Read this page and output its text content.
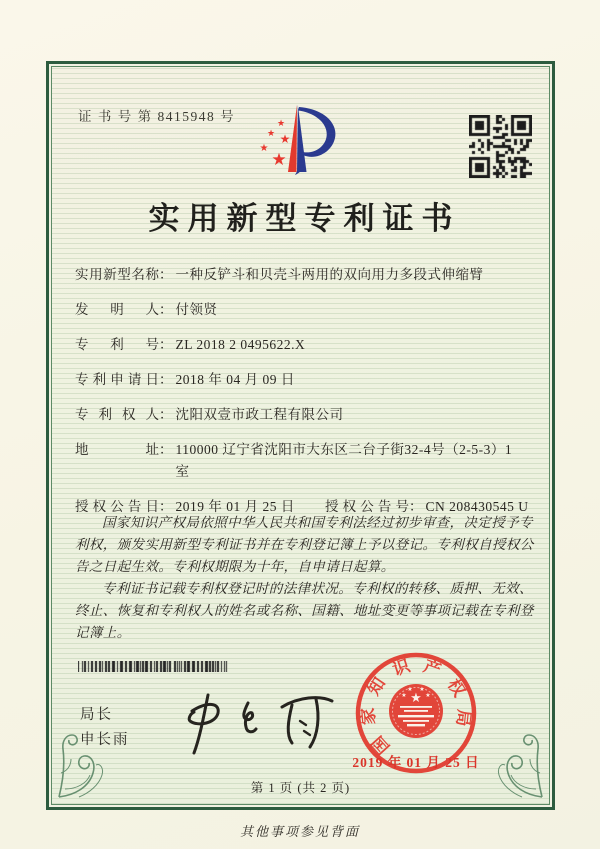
证 书 号 第 8415948 号
★
★
★
★
★
实用新型专利证书
实用新型名称： 一种反铲斗和贝壳斗两用的双向用力多段式伸缩臂
发明人： 付领贤
专利号： ZL 2018 2 0495622.X
专利申请日： 2018 年 04 月 09 日
专利权人： 沈阳双壹市政工程有限公司
地址： 110000 辽宁省沈阳市大东区二台子街32-4号（2-5-3）1室
授权公告日： 2019 年 01 月 25 日	授权公告号： CN 208430545 U

国家知识产权局依照中华人民共和国专利法经过初步审查，决定授予专利权，颁发实用新型专利证书并在专利登记簿上予以登记。专利权自授权公告之日起生效。专利权期限为十年，自申请日起算。

专利证书记载专利权登记时的法律状况。专利权的转移、质押、无效、终止、恢复和专利权人的姓名或名称、国籍、地址变更等事项记载在专利登记簿上。

局长
申长雨
★
★
★ ★
★
国
家
知
识 产
权
局
2019 年 01 月 25 日
第 1 页 (共 2 页)
其他事项参见背面
